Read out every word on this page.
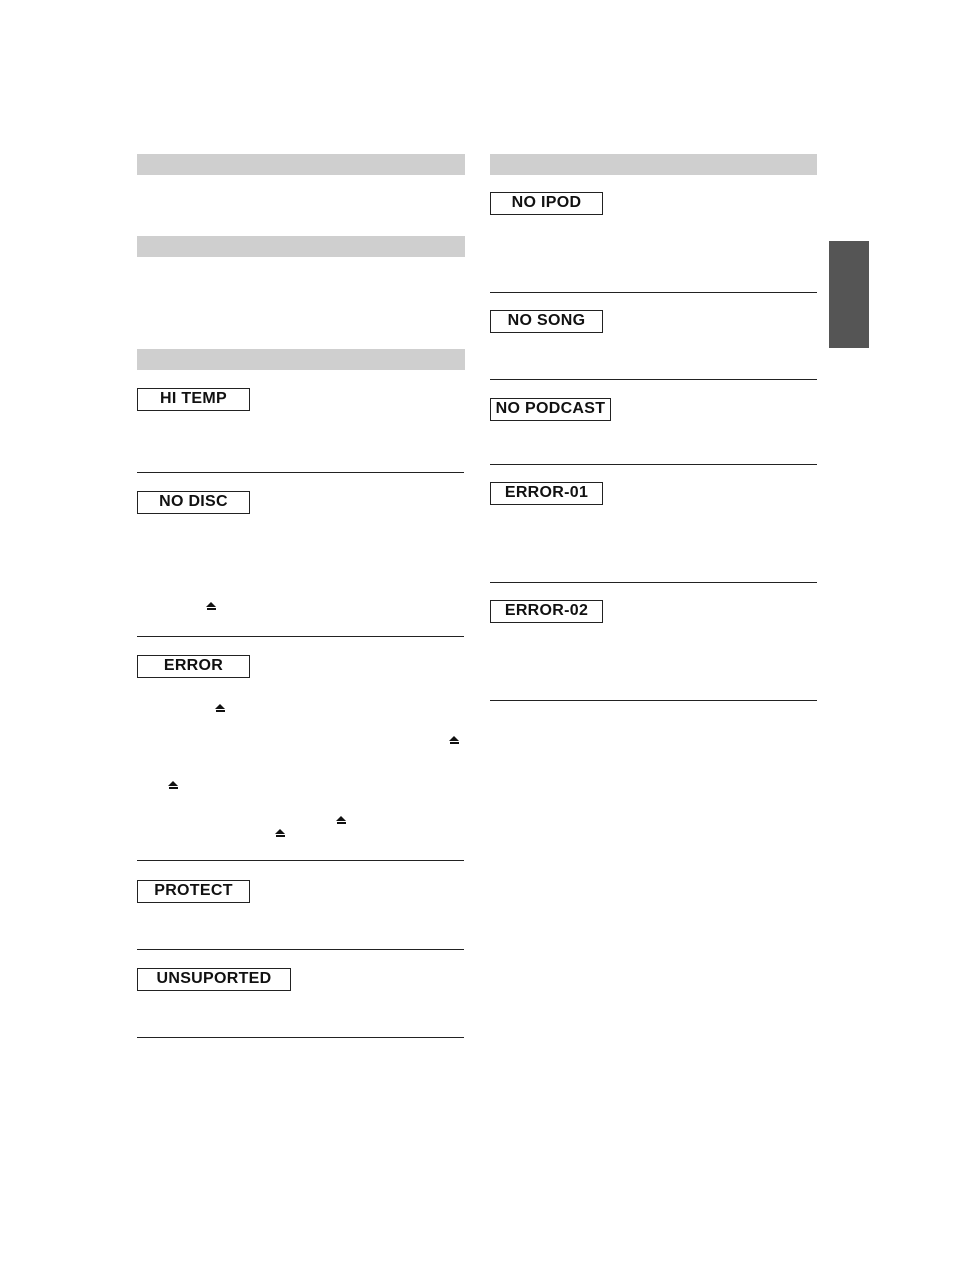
HI TEMP
NO DISC
ERROR
PROTECT
UNSUPORTED
NO IPOD
NO SONG
NO PODCAST
ERROR-01
ERROR-02
